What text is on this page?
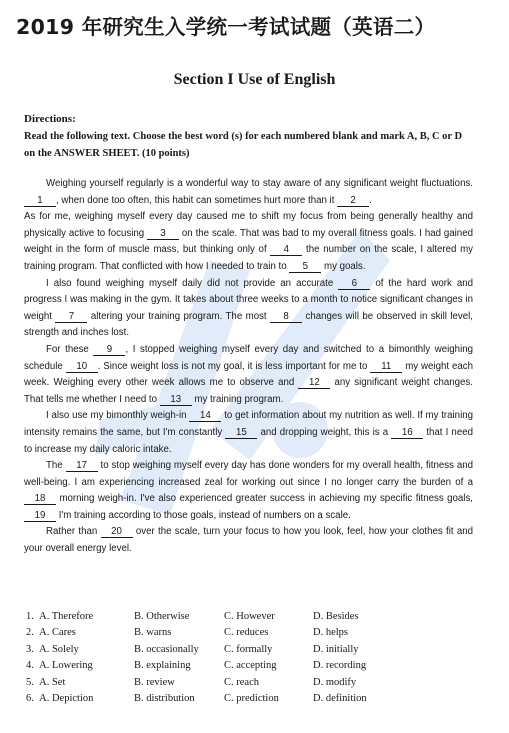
2019 年研究生入学统一考试试题（英语二）
Section I Use of English
Directions:
Read the following text. Choose the best word (s) for each numbered blank and mark A, B, C or D on the ANSWER SHEET. (10 points)

Weighing yourself regularly is a wonderful way to stay aware of any significant weight fluctuations. 1 , when done too often, this habit can sometimes hurt more than it 2 .

As for me, weighing myself every day caused me to shift my focus from being generally healthy and physically active to focusing 3 on the scale. That was bad to my overall fitness goals. I had gained weight in the form of muscle mass, but thinking only of 4 the number on the scale, I altered my training program. That conflicted with how I needed to train to 5 my goals.

I also found weighing myself daily did not provide an accurate 6 of the hard work and progress I was making in the gym. It takes about three weeks to a month to notice significant changes in weight 7 altering your training program. The most 8 changes will be observed in skill level, strength and inches lost.

For these 9 , I stopped weighing myself every day and switched to a bimonthly weighing schedule 10 . Since weight loss is not my goal, it is less important for me to 11 my weight each week. Weighing every other week allows me to observe and 12 any significant weight changes. That tells me whether I need to 13 my training program.

I also use my bimonthly weigh-in 14 to get information about my nutrition as well. If my training intensity remains the same, but I'm constantly 15 and dropping weight, this is a 16 that I need to increase my daily caloric intake.

The 17 to stop weighing myself every day has done wonders for my overall health, fitness and well-being. I am experiencing increased zeal for working out since I no longer carry the burden of a 18 morning weigh-in. I've also experienced greater success in achieving my specific fitness goals, 19 I'm training according to those goals, instead of numbers on a scale.

Rather than 20 over the scale, turn your focus to how you look, feel, how your clothes fit and your overall energy level.

1. A. Therefore	B. Otherwise	C. However	D. Besides
2. A. Cares	B. warns	C. reduces	D. helps
3. A. Solely	B. occasionally C. formally	D. initially
4. A. Lowering	B. explaining	C. accepting	D. recording
5. A. Set	B. review	C. reach	D. modify
6. A. Depiction	B. distribution	C. prediction	D. definition
